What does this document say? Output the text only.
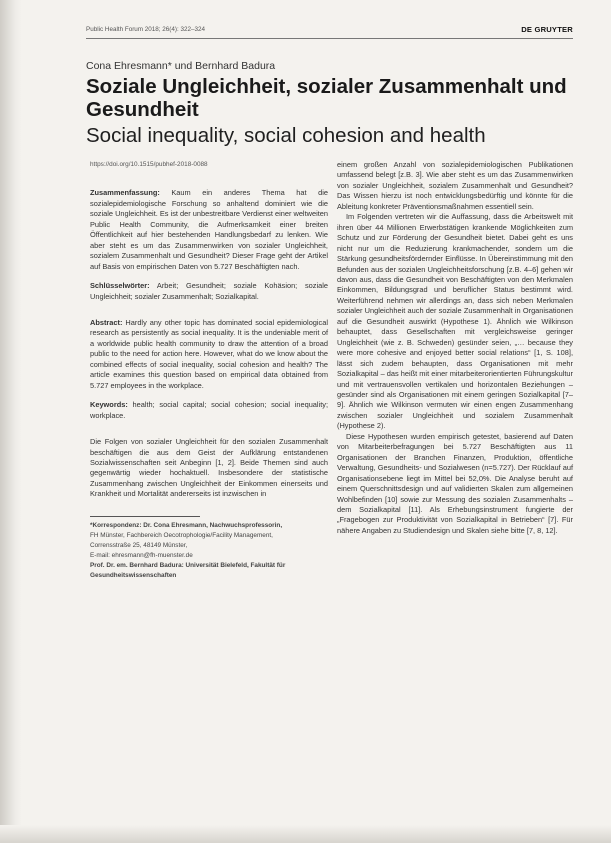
Public Health Forum 2018; 26(4): 322–324	DE GRUYTER
Cona Ehresmann* und Bernhard Badura
Soziale Ungleichheit, sozialer Zusammenhalt und Gesundheit
Social inequality, social cohesion and health

https://doi.org/10.1515/pubhef-2018-0088

Zusammenfassung: Kaum ein anderes Thema hat die sozialepidemiologische Forschung so anhaltend dominiert wie die soziale Ungleichheit. Es ist der unbestreitbare Verdienst einer weltweiten Public Health Community, die Aufmerksamkeit einer breiten Öffentlichkeit auf hier bestehenden Handlungsbedarf zu lenken. Wie aber steht es um das Zusammenwirken von sozialer Ungleichheit, sozialem Zusammenhalt und Gesundheit? Dieser Frage geht der Artikel auf Basis von empirischen Daten von 5.727 Beschäftigten nach.

Schlüsselwörter: Arbeit; Gesundheit; soziale Kohäsion; soziale Ungleichheit; sozialer Zusammenhalt; Sozialkapital.

Abstract: Hardly any other topic has dominated social epidemiological research as persistently as social inequality. It is the undeniable merit of a worldwide public health community to draw the attention of a broad public to the need for action here. However, what do we know about the combined effects of social inequality, social cohesion and health? The article examines this question based on empirical data obtained from 5.727 employees in the workplace.

Keywords: health; social capital; social cohesion; social inequality; workplace.

Die Folgen von sozialer Ungleichheit für den sozialen Zusammenhalt beschäftigen die aus dem Geist der Aufklärung entstandenen Sozialwissenschaften seit Anbeginn [1, 2]. Beide Themen sind auch gegenwärtig wieder hochaktuell. Insbesondere der statistische Zusammenhang zwischen Ungleichheit der Einkommen einerseits und Krankheit und Mortalität andererseits ist inzwischen in

*Korrespondenz: Dr. Cona Ehresmann, Nachwuchsprofessorin,
FH Münster, Fachbereich Oecotrophologie/Facility Management,
Corrensstraße 25, 48149 Münster,
E-mail: ehresmann@fh-muenster.de
Prof. Dr. em. Bernhard Badura: Universität Bielefeld, Fakultät für Gesundheitswissenschaften

einem großen Anzahl von sozialepidemiologischen Publikationen umfassend belegt [z.B. 3]. Wie aber steht es um das Zusammenwirken von sozialer Ungleichheit, sozialem Zusammenhalt und Gesundheit? Das Wissen hierzu ist noch entwicklungsbedürftig und könnte für die Ableitung konkreter Präventionsmaßnahmen essentiell sein.

Im Folgenden vertreten wir die Auffassung, dass die Arbeitswelt mit ihren über 44 Millionen Erwerbstätigen krankende Möglichkeiten zum Schutz und zur Förderung der Gesundheit bietet. Dabei geht es uns nicht nur um die Reduzierung krankmachender, sondern um die Stärkung gesundheitsfördernder Einflüsse. In Übereinstimmung mit den Befunden aus der sozialen Ungleichheitsforschung [z.B. 4–6] gehen wir davon aus, dass die Gesundheit von Beschäftigten von den Merkmalen Einkommen, Bildungsgrad und beruflicher Status bestimmt wird. Weiterführend nehmen wir allerdings an, dass sich neben Merkmalen sozialer Ungleichheit auch der soziale Zusammenhalt in Organisationen auf die Gesundheit auswirkt (Hypothese 1). Ähnlich wie Wilkinson behauptet, dass Gesellschaften mit vergleichsweise geringer Ungleichheit (wie z. B. Schweden) gesünder seien, „… because they were more cohesive and enjoyed better social relations“ [1, S. 108], lässt sich zudem behaupten, dass Organisationen mit mehr Sozialkapital – das heißt mit einer mitarbeiterorientierten Führungskultur und mit vertrauensvollen vertikalen und horizontalen Beziehungen – gesünder sind als Organisationen mit einem geringen Sozialkapital [7–9]. Ähnlich wie Wilkinson vermuten wir einen engen Zusammenhang zwischen sozialer Ungleichheit und sozialem Zusammenhalt (Hypothese 2).

Diese Hypothesen wurden empirisch getestet, basierend auf Daten von Mitarbeiterbefragungen bei 5.727 Beschäftigten aus 11 Organisationen der Branchen Finanzen, Produktion, öffentliche Verwaltung, Gesundheits- und Sozialwesen (n=5.727). Der Rücklauf auf Organisationsebene liegt im Mittel bei 52,0%. Die Analyse beruht auf einem Querschnittsdesign und auf validierten Skalen zum allgemeinen Wohlbefinden [10] sowie zur Messung des sozialen Zusammenhalts – dem Sozialkapital [11]. Als Erhebungsinstrument fungierte der „Fragebogen zur Produktivität von Sozialkapital in Betrieben“ [7]. Für nähere Angaben zu Studiendesign und Skalen siehe bitte [7, 8, 12].
